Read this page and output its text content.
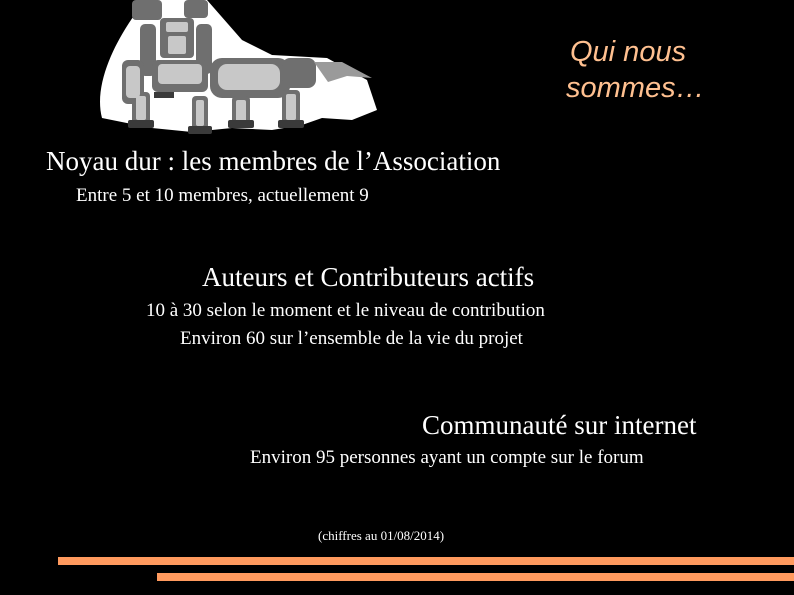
Qui nous
sommes…
Noyau dur : les membres de l’Association
Entre 5 et 10 membres, actuellement 9
Auteurs et Contributeurs actifs
10 à 30 selon le moment et le niveau de contribution
Environ 60 sur l’ensemble de la vie du projet
Communauté sur internet
Environ 95 personnes ayant un compte sur le forum
(chiffres au 01/08/2014)
